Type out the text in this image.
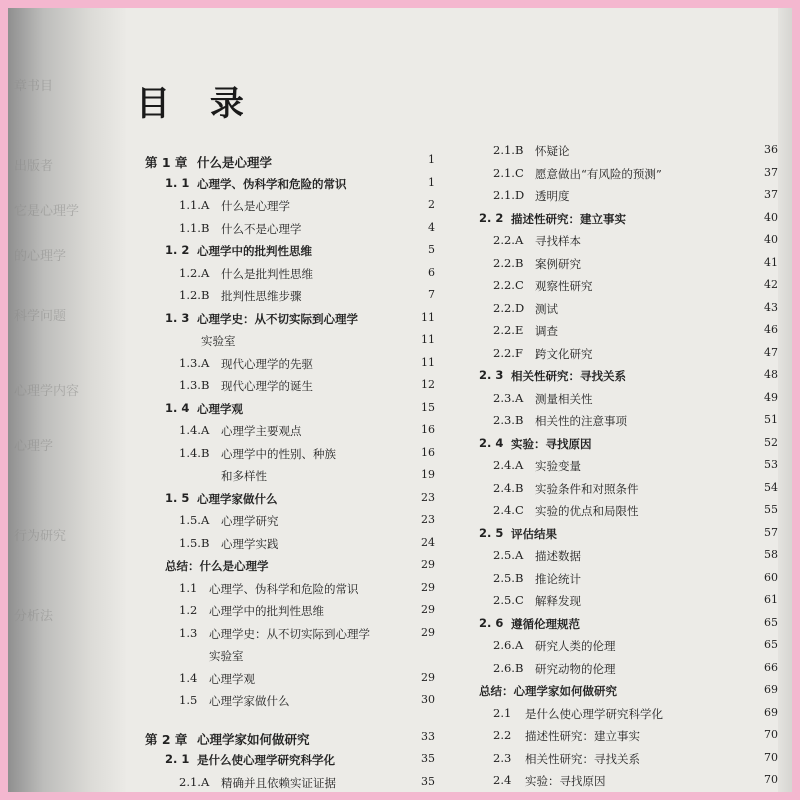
章书目
出版者
它是心理学
的心理学
科学问题
心理学内容
心理学
行为研究
分析法
目 录
第 1 章 什么是心理学	1
1. 1 心理学、伪科学和危险的常识	1
1.1.A 什么是心理学	2
1.1.B 什么不是心理学	4
1. 2 心理学中的批判性思维	5
1.2.A 什么是批判性思维	6
1.2.B 批判性思维步骤	7
1. 3 心理学史：从不切实际到心理学	11
实验室	11
1.3.A 现代心理学的先驱	11
1.3.B 现代心理学的诞生	12
1. 4 心理学观	15
1.4.A 心理学主要观点	16
1.4.B 心理学中的性别、种族	16
和多样性	19
1. 5 心理学家做什么	23
1.5.A 心理学研究	23
1.5.B 心理学实践	24
总结：什么是心理学	29
1.1 心理学、伪科学和危险的常识	29
1.2 心理学中的批判性思维	29
1.3 心理学史：从不切实际到心理学	29
实验室
1.4 心理学观	29
1.5 心理学家做什么	30
第 2 章 心理学家如何做研究	33
2. 1 是什么使心理学研究科学化	35
2.1.A 精确并且依赖实证证据	35
2.1.B 怀疑论	36
2.1.C 愿意做出“有风险的预测”	37
2.1.D 透明度	37
2. 2 描述性研究：建立事实	40
2.2.A 寻找样本	40
2.2.B 案例研究	41
2.2.C 观察性研究	42
2.2.D 测试	43
2.2.E 调查	46
2.2.F 跨文化研究	47
2. 3 相关性研究：寻找关系	48
2.3.A 测量相关性	49
2.3.B 相关性的注意事项	51
2. 4 实验：寻找原因	52
2.4.A 实验变量	53
2.4.B 实验条件和对照条件	54
2.4.C 实验的优点和局限性	55
2. 5 评估结果	57
2.5.A 描述数据	58
2.5.B 推论统计	60
2.5.C 解释发现	61
2. 6 遵循伦理规范	65
2.6.A 研究人类的伦理	65
2.6.B 研究动物的伦理	66
总结：心理学家如何做研究	69
2.1 是什么使心理学研究科学化	69
2.2 描述性研究：建立事实	70
2.3 相关性研究：寻找关系	70
2.4 实验：寻找原因	70
